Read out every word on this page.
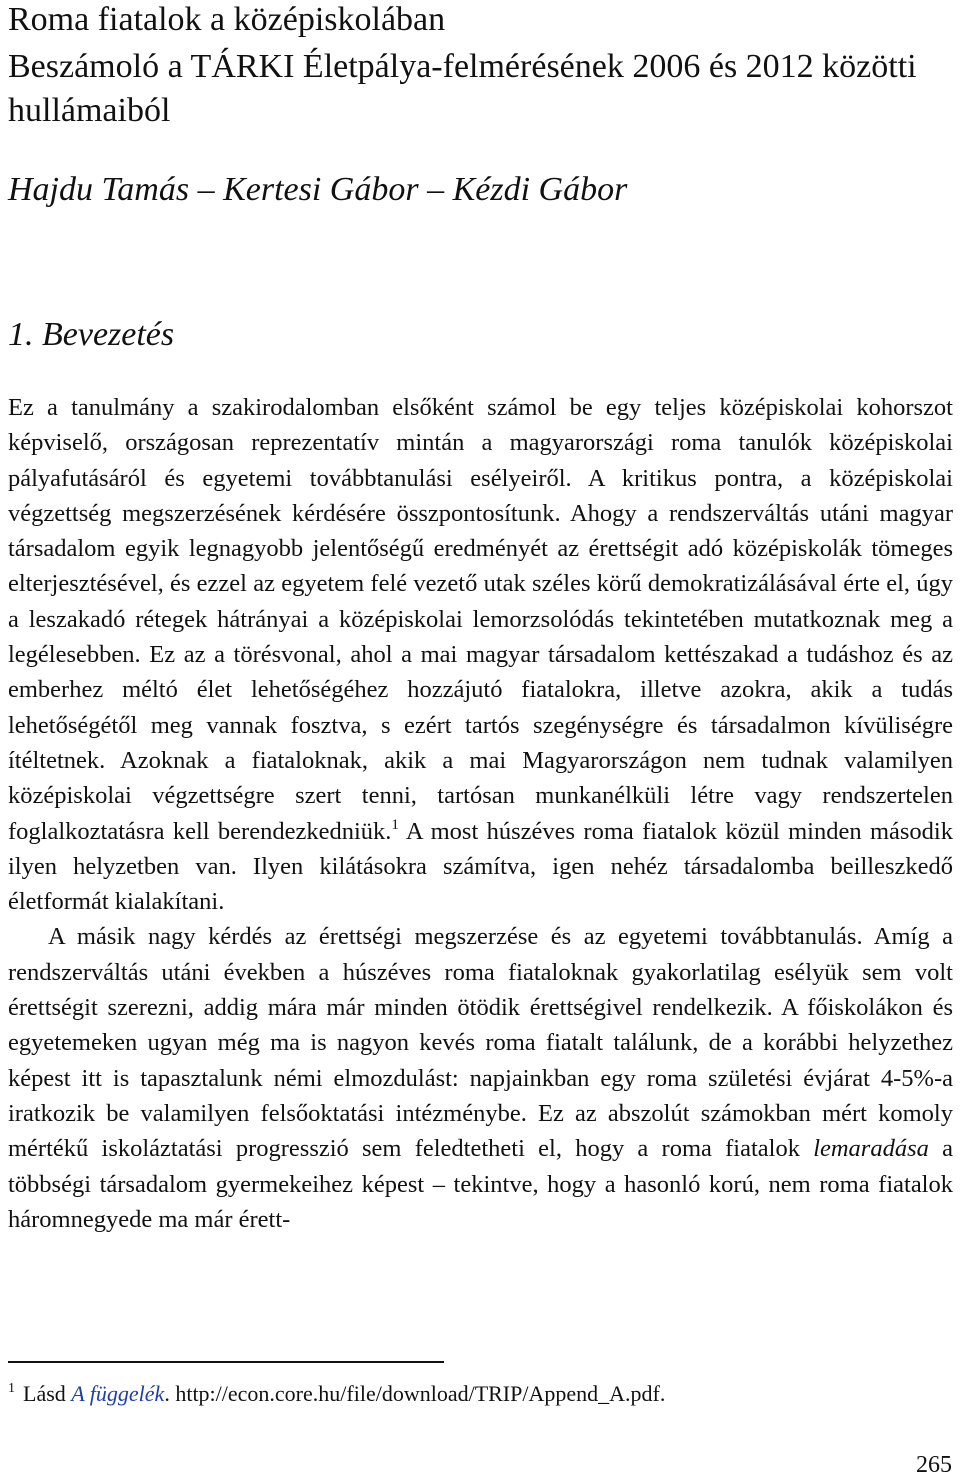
Roma fiatalok a középiskolában
Beszámoló a TÁRKI Életpálya-felmérésének 2006 és 2012 közötti hullámaiból

Hajdu Tamás – Kertesi Gábor – Kézdi Gábor

1. Bevezetés

Ez a tanulmány a szakirodalomban elsőként számol be egy teljes középiskolai kohorszot képviselő, országosan reprezentatív mintán a magyarországi roma tanulók középiskolai pályafutásáról és egyetemi továbbtanulási esélyeiről. A kritikus pontra, a középiskolai végzettség megszerzésének kérdésére összpontosítunk. Ahogy a rendszerváltás utáni magyar társadalom egyik legnagyobb jelentőségű eredményét az érettségit adó középiskolák tömeges elterjesztésével, és ezzel az egyetem felé vezető utak széles körű demokratizálásával érte el, úgy a leszakadó rétegek hátrányai a középiskolai lemorzsolódás tekintetében mutatkoznak meg a legélesebben. Ez az a törésvonal, ahol a mai magyar társadalom kettészakad a tudáshoz és az emberhez méltó élet lehetőségéhez hozzájutó fiatalokra, illetve azokra, akik a tudás lehetőségétől meg vannak fosztva, s ezért tartós szegénységre és társadalmon kívüliségre ítéltetnek. Azoknak a fiataloknak, akik a mai Magyarországon nem tudnak valamilyen középiskolai végzettségre szert tenni, tartósan munkanélküli létre vagy rendszertelen foglalkoztatásra kell berendezkedniük.$^1$ A most húszéves roma fiatalok közül minden második ilyen helyzetben van. Ilyen kilátásokra számítva, igen nehéz társadalomba beilleszkedő életformát kialakítani.

A másik nagy kérdés az érettségi megszerzése és az egyetemi továbbtanulás. Amíg a rendszerváltás utáni években a húszéves roma fiataloknak gyakorlatilag esélyük sem volt érettségit szerezni, addig mára már minden ötödik érettségivel rendelkezik. A főiskolákon és egyetemeken ugyan még ma is nagyon kevés roma fiatalt találunk, de a korábbi helyzethez képest itt is tapasztalunk némi elmozdulást: napjainkban egy roma születési évjárat 4-5%-a iratkozik be valamilyen felsőoktatási intézménybe. Ez az abszolút számokban mért komoly mértékű iskoláztatási progresszió sem feledtetheti el, hogy a roma fiatalok lemaradása a többségi társadalom gyermekeihez képest – tekintve, hogy a hasonló korú, nem roma fiatalok háromnegyede ma már érett-

$^1$ Lásd A függelék. http://econ.core.hu/file/download/TRIP/Append_A.pdf.

265
